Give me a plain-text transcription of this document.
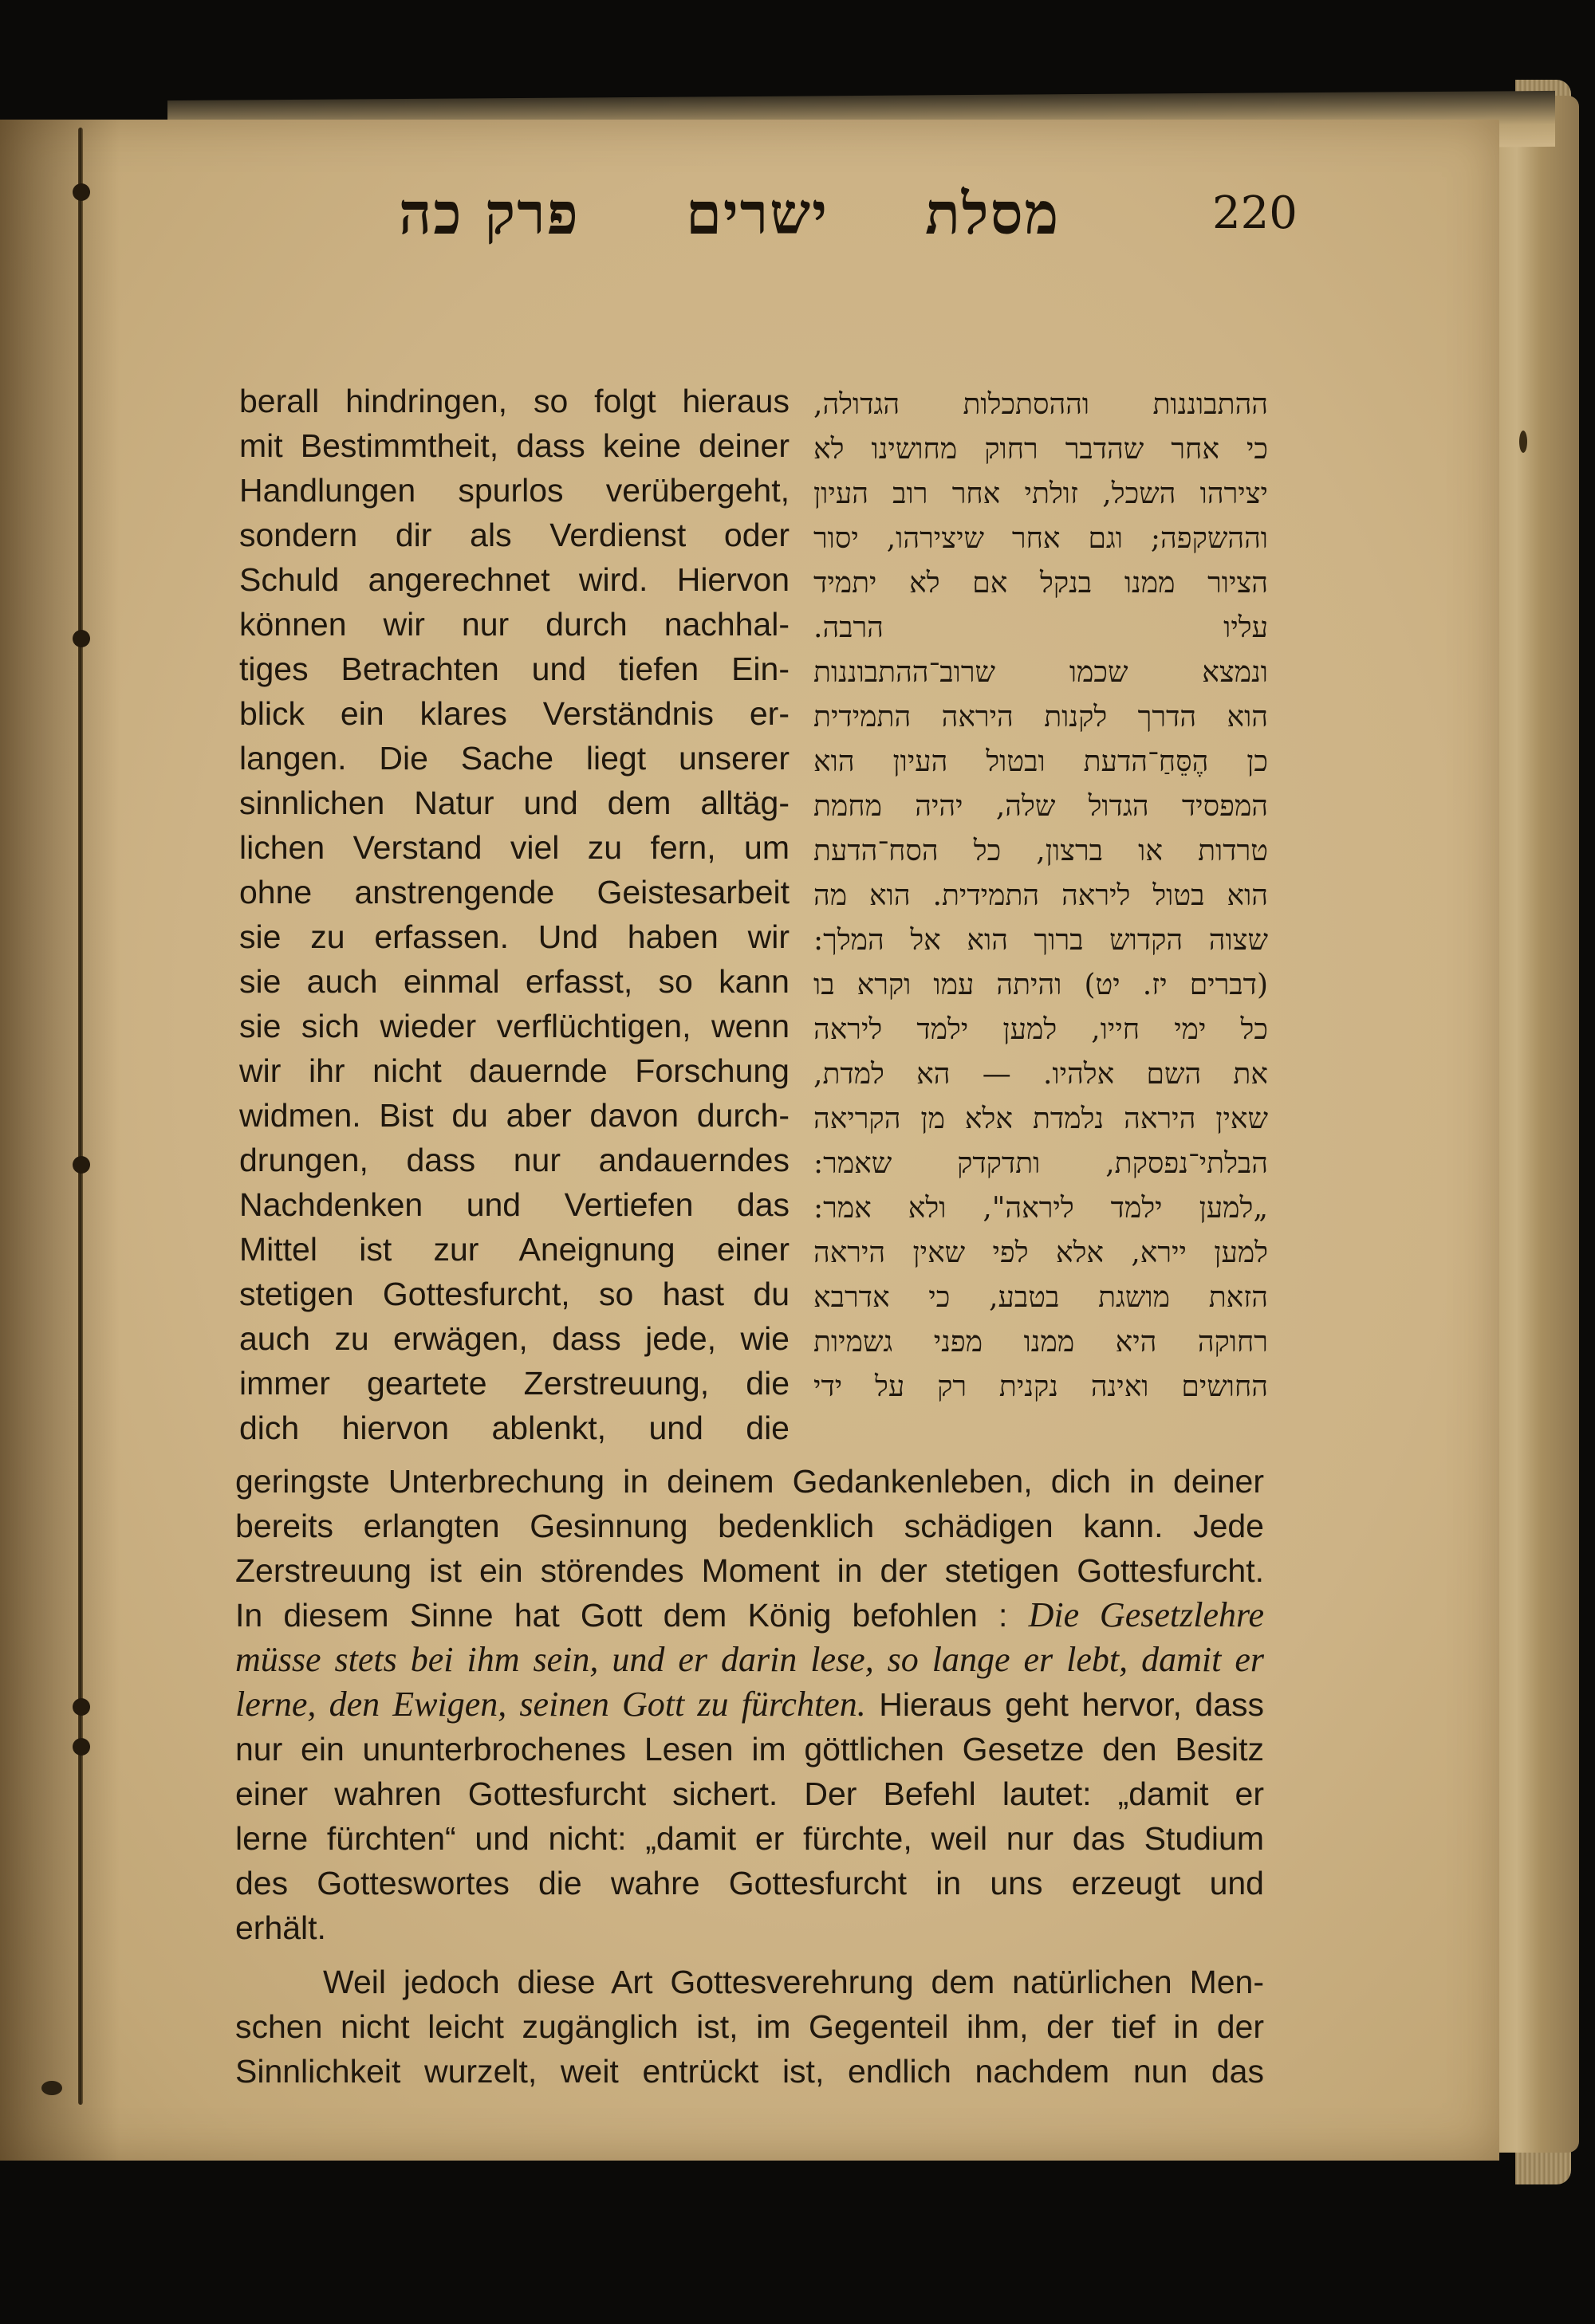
פרק כה ישרים מסלת	220
berall hindringen, so folgt hieraus
mit Bestimmtheit, dass keine deiner
Handlungen spurlos verübergeht,
sondern dir als Verdienst oder
Schuld angerechnet wird. Hiervon
können wir nur durch nachhal-
tiges Betrachten und tiefen Ein-
blick ein klares Verständnis er-
langen. Die Sache liegt unserer
sinnlichen Natur und dem alltäg-
lichen Verstand viel zu fern, um
ohne anstrengende Geistesarbeit
sie zu erfassen. Und haben wir
sie auch einmal erfasst, so kann
sie sich wieder verflüchtigen, wenn
wir ihr nicht dauernde Forschung
widmen. Bist du aber davon durch-
drungen, dass nur andauerndes
Nachdenken und Vertiefen das
Mittel ist zur Aneignung einer
stetigen Gottesfurcht, so hast du
auch zu erwägen, dass jede, wie
immer geartete Zerstreuung, die
dich hiervon ablenkt, und die
ההתבוננות וההסתכלות הגדולה,
כי אחר שהדבר רחוק מחושינו לא
יצירהו השכל, זולתי אחר רוב העיון
וההשקפה; וגם אחר שיצירהו, יסור
הציור ממנו בנקל אם לא יתמיד
עליו הרבה.
ונמצא שכמו שרוב־ההתבוננות
הוא הדרך לקנות היראה התמידית
כן הֶסֵּחַ־הדעת ובטול העיון הוא
המפסיד הגדול שלה, יהיה מחמת
טרדות או ברצון, כל הסח־הדעת
הוא בטול ליראה התמידית. הוא מה
שצוה הקדוש ברוך הוא אל המלך:
(דברים יז. יט) והיתה עמו וקרא בו
כל ימי חייו, למען ילמד ליראה
את השם אלהיו. — הא למדת,
שאין היראה נלמדת אלא מן הקריאה
הבלתי־נפסקת, ותדקדק שאמר:
„למען ילמד ליראה", ולא אמר:
למען יירא, אלא לפי שאין היראה
הזאת מושגת בטבע, כי אדרבא
רחוקה היא ממנו מפני גשמיות
החושים ואינה נקנית רק על ידי
geringste Unterbrechung in deinem Gedankenleben, dich in deiner
bereits erlangten Gesinnung bedenklich schädigen kann. Jede
Zerstreuung ist ein störendes Moment in der stetigen Gottesfurcht.
In diesem Sinne hat Gott dem König befohlen : Die Gesetzlehre
müsse stets bei ihm sein, und er darin lese, so lange er lebt, damit er
lerne, den Ewigen, seinen Gott zu fürchten. Hieraus geht hervor, dass
nur ein ununterbrochenes Lesen im göttlichen Gesetze den Besitz
einer wahren Gottesfurcht sichert. Der Befehl lautet: „damit er
lerne fürchten“ und nicht: „damit er fürchte, weil nur das Studium
des Gotteswortes die wahre Gottesfurcht in uns erzeugt und
erhält.
Weil jedoch diese Art Gottesverehrung dem natürlichen Men-
schen nicht leicht zugänglich ist, im Gegenteil ihm, der tief in der
Sinnlichkeit wurzelt, weit entrückt ist, endlich nachdem nun das
